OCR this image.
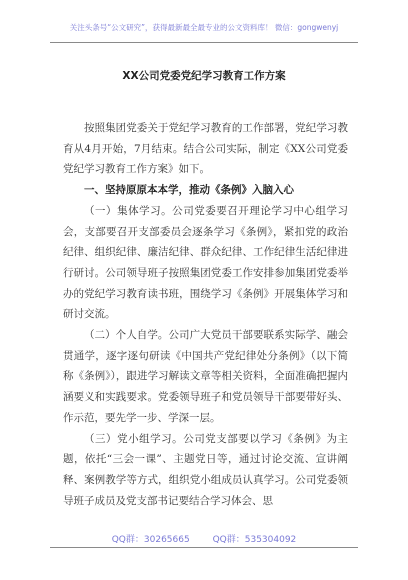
关注头条号“公文研究”，获得最新最全最专业的公文资料库！ 微信：gongwenyj
XX公司党委党纪学习教育工作方案

按照集团党委关于党纪学习教育的工作部署，党纪学习教育从4月开始，7月结束。结合公司实际，制定《XX公司党委党纪学习教育工作方案》如下。

一、坚持原原本本学，推动《条例》入脑入心

（一）集体学习。公司党委要召开理论学习中心组学习会，支部要召开支部委员会逐条学习《条例》，紧扣党的政治纪律、组织纪律、廉洁纪律、群众纪律、工作纪律生活纪律进行研讨。公司领导班子按照集团党委工作安排参加集团党委举办的党纪学习教育读书班，围绕学习《条例》开展集体学习和研讨交流。

（二）个人自学。公司广大党员干部要联系实际学、融会贯通学，逐字逐句研读《中国共产党纪律处分条例》（以下简称《条例》），跟进学习解读文章等相关资料，全面准确把握内涵要义和实践要求。党委领导班子和党员领导干部要带好头、作示范，要先学一步、学深一层。

（三）党小组学习。公司党支部要以学习《条例》为主题，依托“三会一课”、主题党日等，通过讨论交流、宣讲阐释、案例教学等方式，组织党小组成员认真学习。公司党委领导班子成员及党支部书记要结合学习体会、思

QQ群：30265665	QQ群：535304092
